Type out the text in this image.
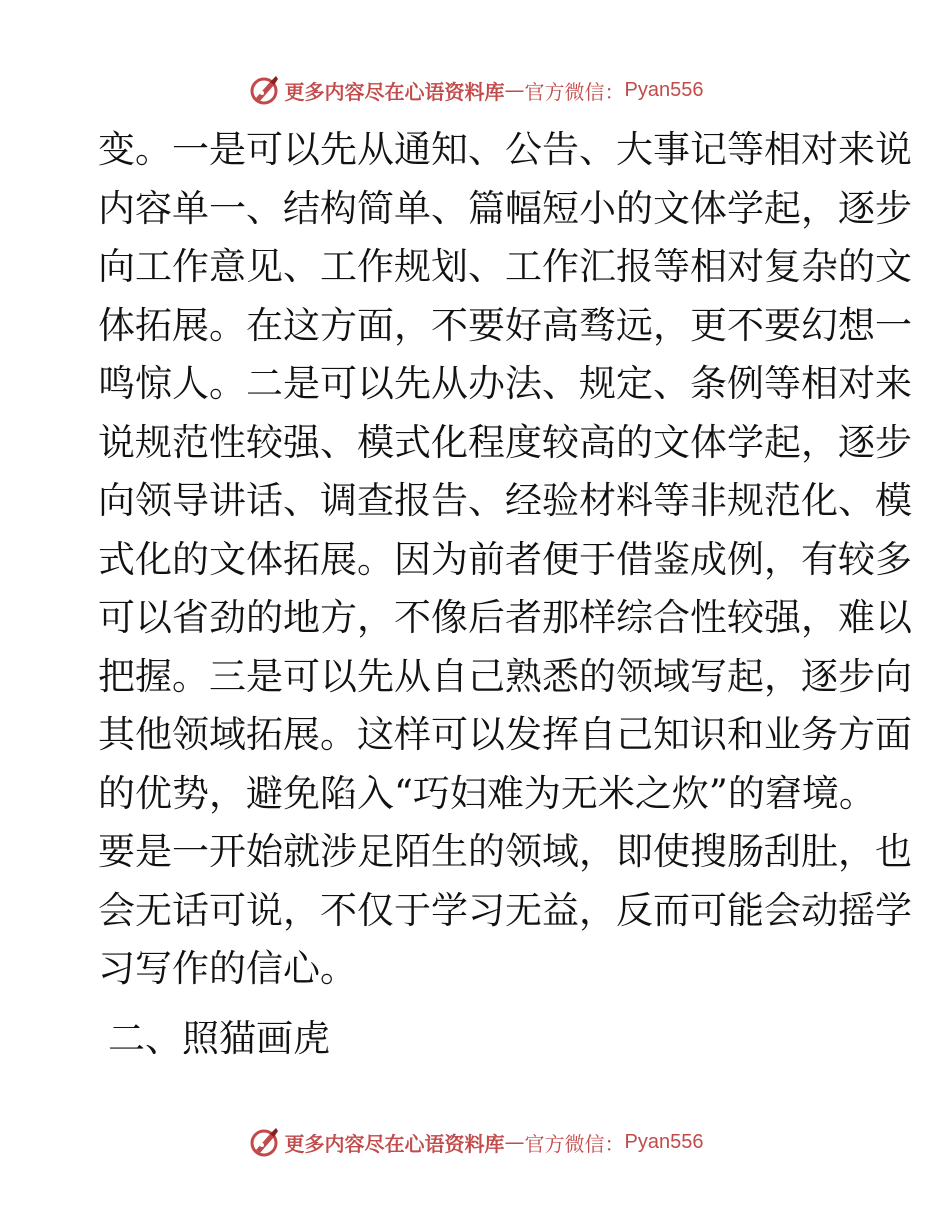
更多内容尽在心语资料库 — 官方微信： Pyan556
变 。 一 是 可 以 先 从 通 知 、 公 告 、 大 事 记 等 相 对 来 说
内 容 单 一 、 结 构 简 单 、 篇 幅 短 小 的 文 体 学 起 ， 逐 步
向 工 作 意 见 、 工 作 规 划 、 工 作 汇 报 等 相 对 复 杂 的 文
体 拓 展 。 在 这 方 面 ， 不 要 好 高 骛 远 ， 更 不 要 幻 想 一
鸣 惊 人 。 二 是 可 以 先 从 办 法 、 规 定 、 条 例 等 相 对 来
说 规 范 性 较 强 、 模 式 化 程 度 较 高 的 文 体 学 起 ， 逐 步
向 领 导 讲 话 、 调 查 报 告 、 经 验 材 料 等 非 规 范 化 、 模
式 化 的 文 体 拓 展 。 因 为 前 者 便 于 借 鉴 成 例 ， 有 较 多
可 以 省 劲 的 地 方 ， 不 像 后 者 那 样 综 合 性 较 强 ， 难 以
把 握 。 三 是 可 以 先 从 自 己 熟 悉 的 领 域 写 起 ， 逐 步 向
其 他 领 域 拓 展 。 这 样 可 以 发 挥 自 己 知 识 和 业 务 方 面
的 优 势 ， 避 免 陷 入 “ 巧 妇 难 为 无 米 之 炊 ” 的 窘 境 。
要 是 一 开 始 就 涉 足 陌 生 的 领 域 ， 即 使 搜 肠 刮 肚 ， 也
会 无 话 可 说 ， 不 仅 于 学 习 无 益 ， 反 而 可 能 会 动 摇 学
习写作的信心。
二、照猫画虎
更多内容尽在心语资料库 — 官方微信： Pyan556
